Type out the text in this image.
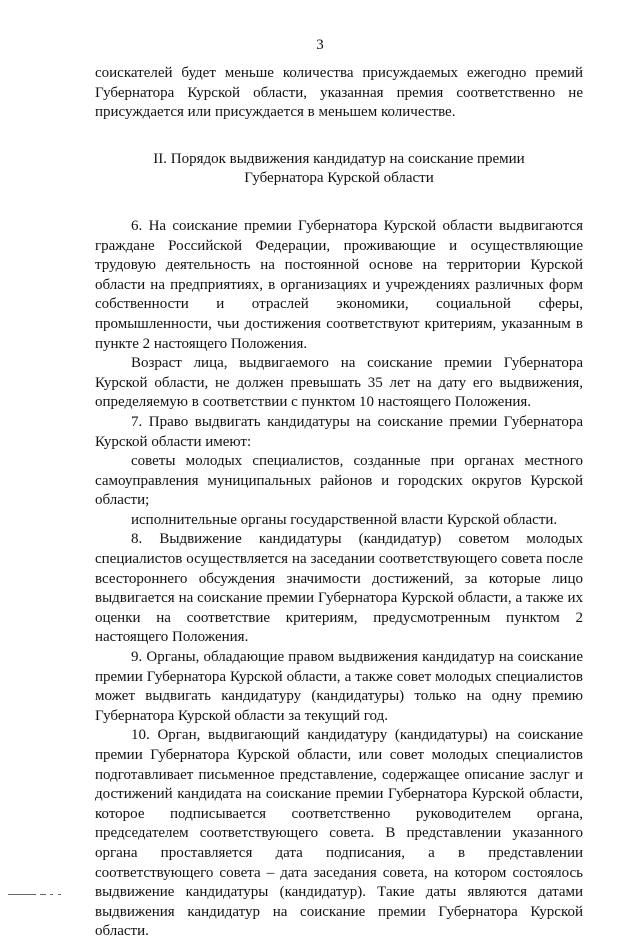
3

соискателей будет меньше количества присуждаемых ежегодно премий Губернатора Курской области, указанная премия соответственно не присуждается или присуждается в меньшем количестве.

II. Порядок выдвижения кандидатур на соискание премии
Губернатора Курской области

6. На соискание премии Губернатора Курской области выдвигаются граждане Российской Федерации, проживающие и осуществляющие трудовую деятельность на постоянной основе на территории Курской области на предприятиях, в организациях и учреждениях различных форм собственности и отраслей экономики, социальной сферы, промышленности, чьи достижения соответствуют критериям, указанным в пункте 2 настоящего Положения.

Возраст лица, выдвигаемого на соискание премии Губернатора Курской области, не должен превышать 35 лет на дату его выдвижения, определяемую в соответствии с пунктом 10 настоящего Положения.

7. Право выдвигать кандидатуры на соискание премии Губернатора Курской области имеют:

советы молодых специалистов, созданные при органах местного самоуправления муниципальных районов и городских округов Курской области;

исполнительные органы государственной власти Курской области.

8. Выдвижение кандидатуры (кандидатур) советом молодых специалистов осуществляется на заседании соответствующего совета после всестороннего обсуждения значимости достижений, за которые лицо выдвигается на соискание премии Губернатора Курской области, а также их оценки на соответствие критериям, предусмотренным пунктом 2 настоящего Положения.

9. Органы, обладающие правом выдвижения кандидатур на соискание премии Губернатора Курской области, а также совет молодых специалистов может выдвигать кандидатуру (кандидатуры) только на одну премию Губернатора Курской области за текущий год.

10. Орган, выдвигающий кандидатуру (кандидатуры) на соискание премии Губернатора Курской области, или совет молодых специалистов подготавливает письменное представление, содержащее описание заслуг и достижений кандидата на соискание премии Губернатора Курской области, которое подписывается соответственно руководителем органа, председателем соответствующего совета. В представлении указанного органа проставляется дата подписания, а в представлении соответствующего совета – дата заседания совета, на котором состоялось выдвижение кандидатуры (кандидатур). Такие даты являются датами выдвижения кандидатур на соискание премии Губернатора Курской области.
